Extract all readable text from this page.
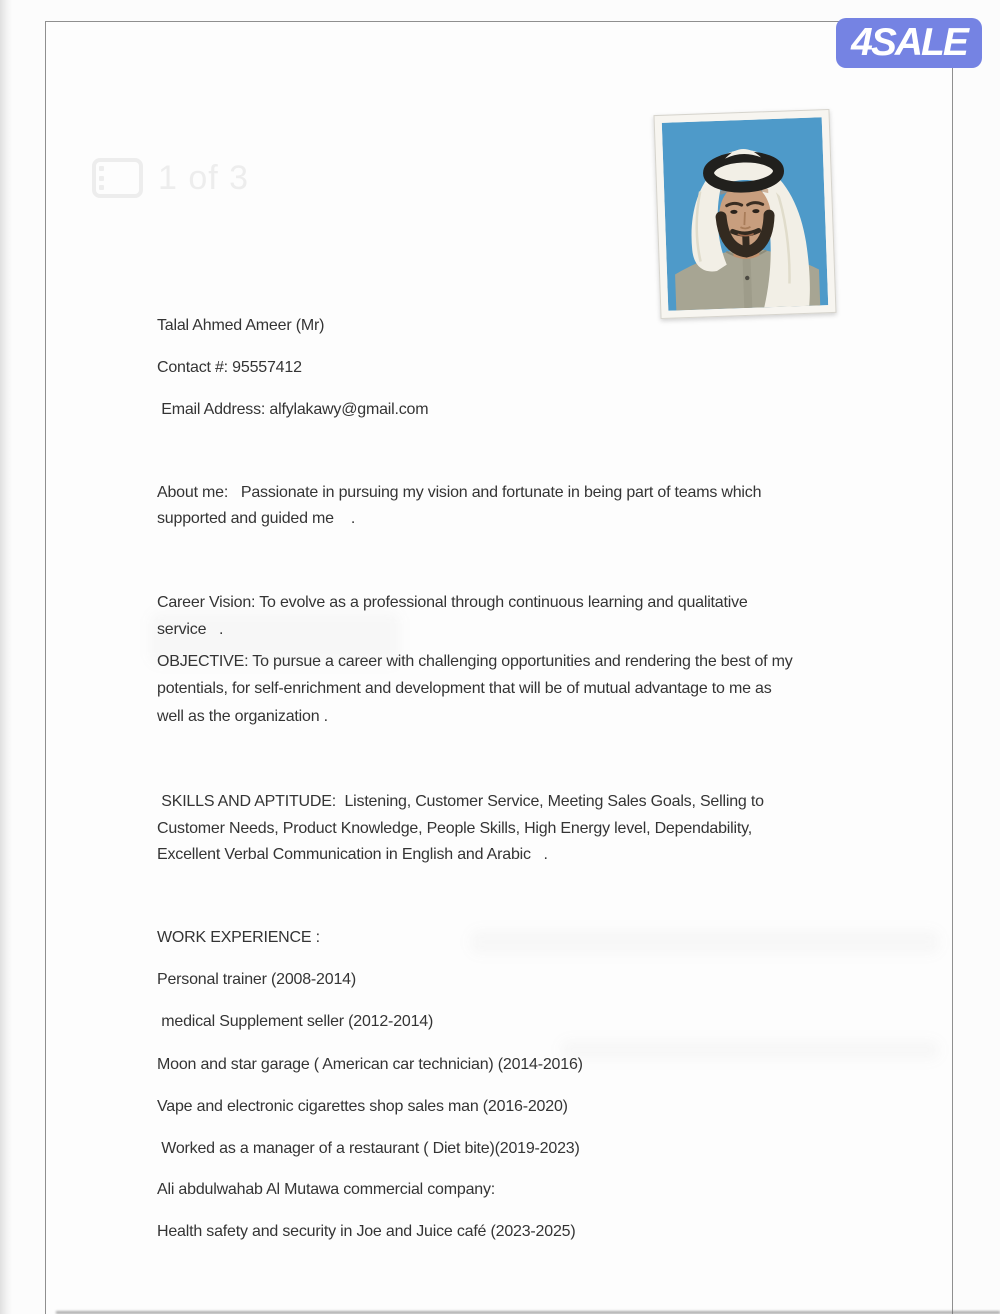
1 of 3
4SALE
Talal Ahmed Ameer (Mr)
Contact #: 95557412
Email Address: alfylakawy@gmail.com
About me:   Passionate in pursuing my vision and fortunate in being part of teams which
supported and guided me    .
Career Vision: To evolve as a professional through continuous learning and qualitative
service   .
OBJECTIVE: To pursue a career with challenging opportunities and rendering the best of my
potentials, for self-enrichment and development that will be of mutual advantage to me as
well as the organization .
SKILLS AND APTITUDE:  Listening, Customer Service, Meeting Sales Goals, Selling to
Customer Needs, Product Knowledge, People Skills, High Energy level, Dependability,
Excellent Verbal Communication in English and Arabic   .
WORK EXPERIENCE :
Personal trainer (2008-2014)
medical Supplement seller (2012-2014)
Moon and star garage ( American car technician) (2014-2016)
Vape and electronic cigarettes shop sales man (2016-2020)
Worked as a manager of a restaurant ( Diet bite)(2019-2023)
Ali abdulwahab Al Mutawa commercial company:
Health safety and security in Joe and Juice café (2023-2025)
